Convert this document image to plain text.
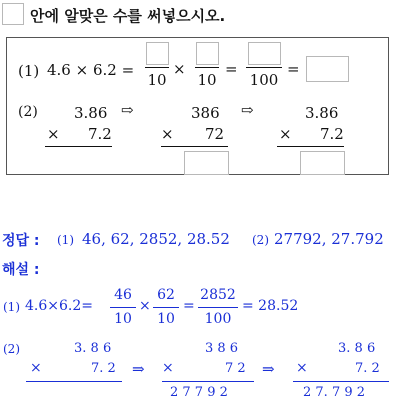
안에 알맞은 수를 써넣으시오.
(1) 4.6 × 6.2 =
10
×
10
=
100
=
(2) 3.86
× 7.2
⇨	386
× 72
⇨	3.86
× 7.2
정답 : (1) 46, 62, 2852, 28.52 (2) 27792, 27.792
해설 :
(1) 4.6×6.2=
46
10
×
62
10
=
2852
100
= 28.52
(2)	3. 8 6
×	7. 2 ⇒
3 8 6
×	7 2
2 7 7 9 2
⇒
3. 8 6
×	7. 2
2 7. 7 9 2
